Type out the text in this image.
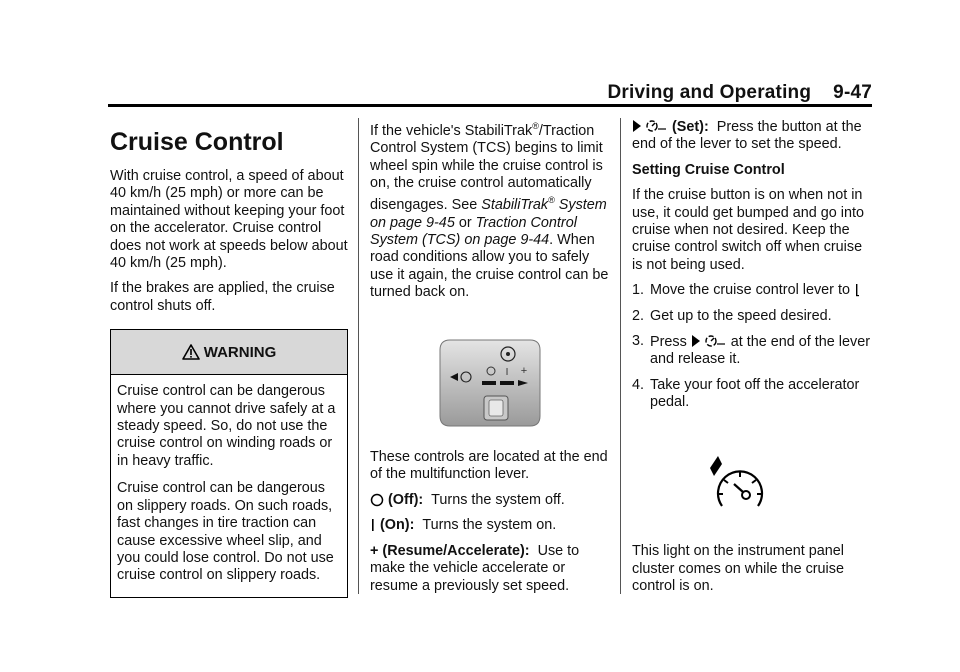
Driving and Operating 9-47
Cruise Control

With cruise control, a speed of about 40 km/h (25 mph) or more can be maintained without keeping your foot on the accelerator. Cruise control does not work at speeds below about 40 km/h (25 mph).

If the brakes are applied, the cruise control shuts off.

WARNING

Cruise control can be dangerous where you cannot drive safely at a steady speed. So, do not use the cruise control on winding roads or in heavy traffic.

Cruise control can be dangerous on slippery roads. On such roads, fast changes in tire traction can cause excessive wheel slip, and you could lose control. Do not use cruise control on slippery roads.

If the vehicle's StabiliTrak®/Traction Control System (TCS) begins to limit wheel spin while the cruise control is on, the cruise control automatically disengages. See StabiliTrak® System on page 9-45 or Traction Control System (TCS) on page 9-44. When road conditions allow you to safely use it again, the cruise control can be turned back on.

I +

These controls are located at the end of the multifunction lever.

(Off): Turns the system off.
(On): Turns the system on.

+ (Resume/Accelerate): Use to make the vehicle accelerate or resume a previously set speed.

(Set): Press the button at the end of the lever to set the speed.

Setting Cruise Control

If the cruise button is on when not in use, it could get bumped and go into cruise when not desired. Keep the cruise control switch off when cruise is not being used.

1. Move the cruise control lever to
2. Get up to the speed desired.
3. Press	at the end of the lever and release it.
4. Take your foot off the accelerator pedal.

This light on the instrument panel cluster comes on while the cruise control is on.
